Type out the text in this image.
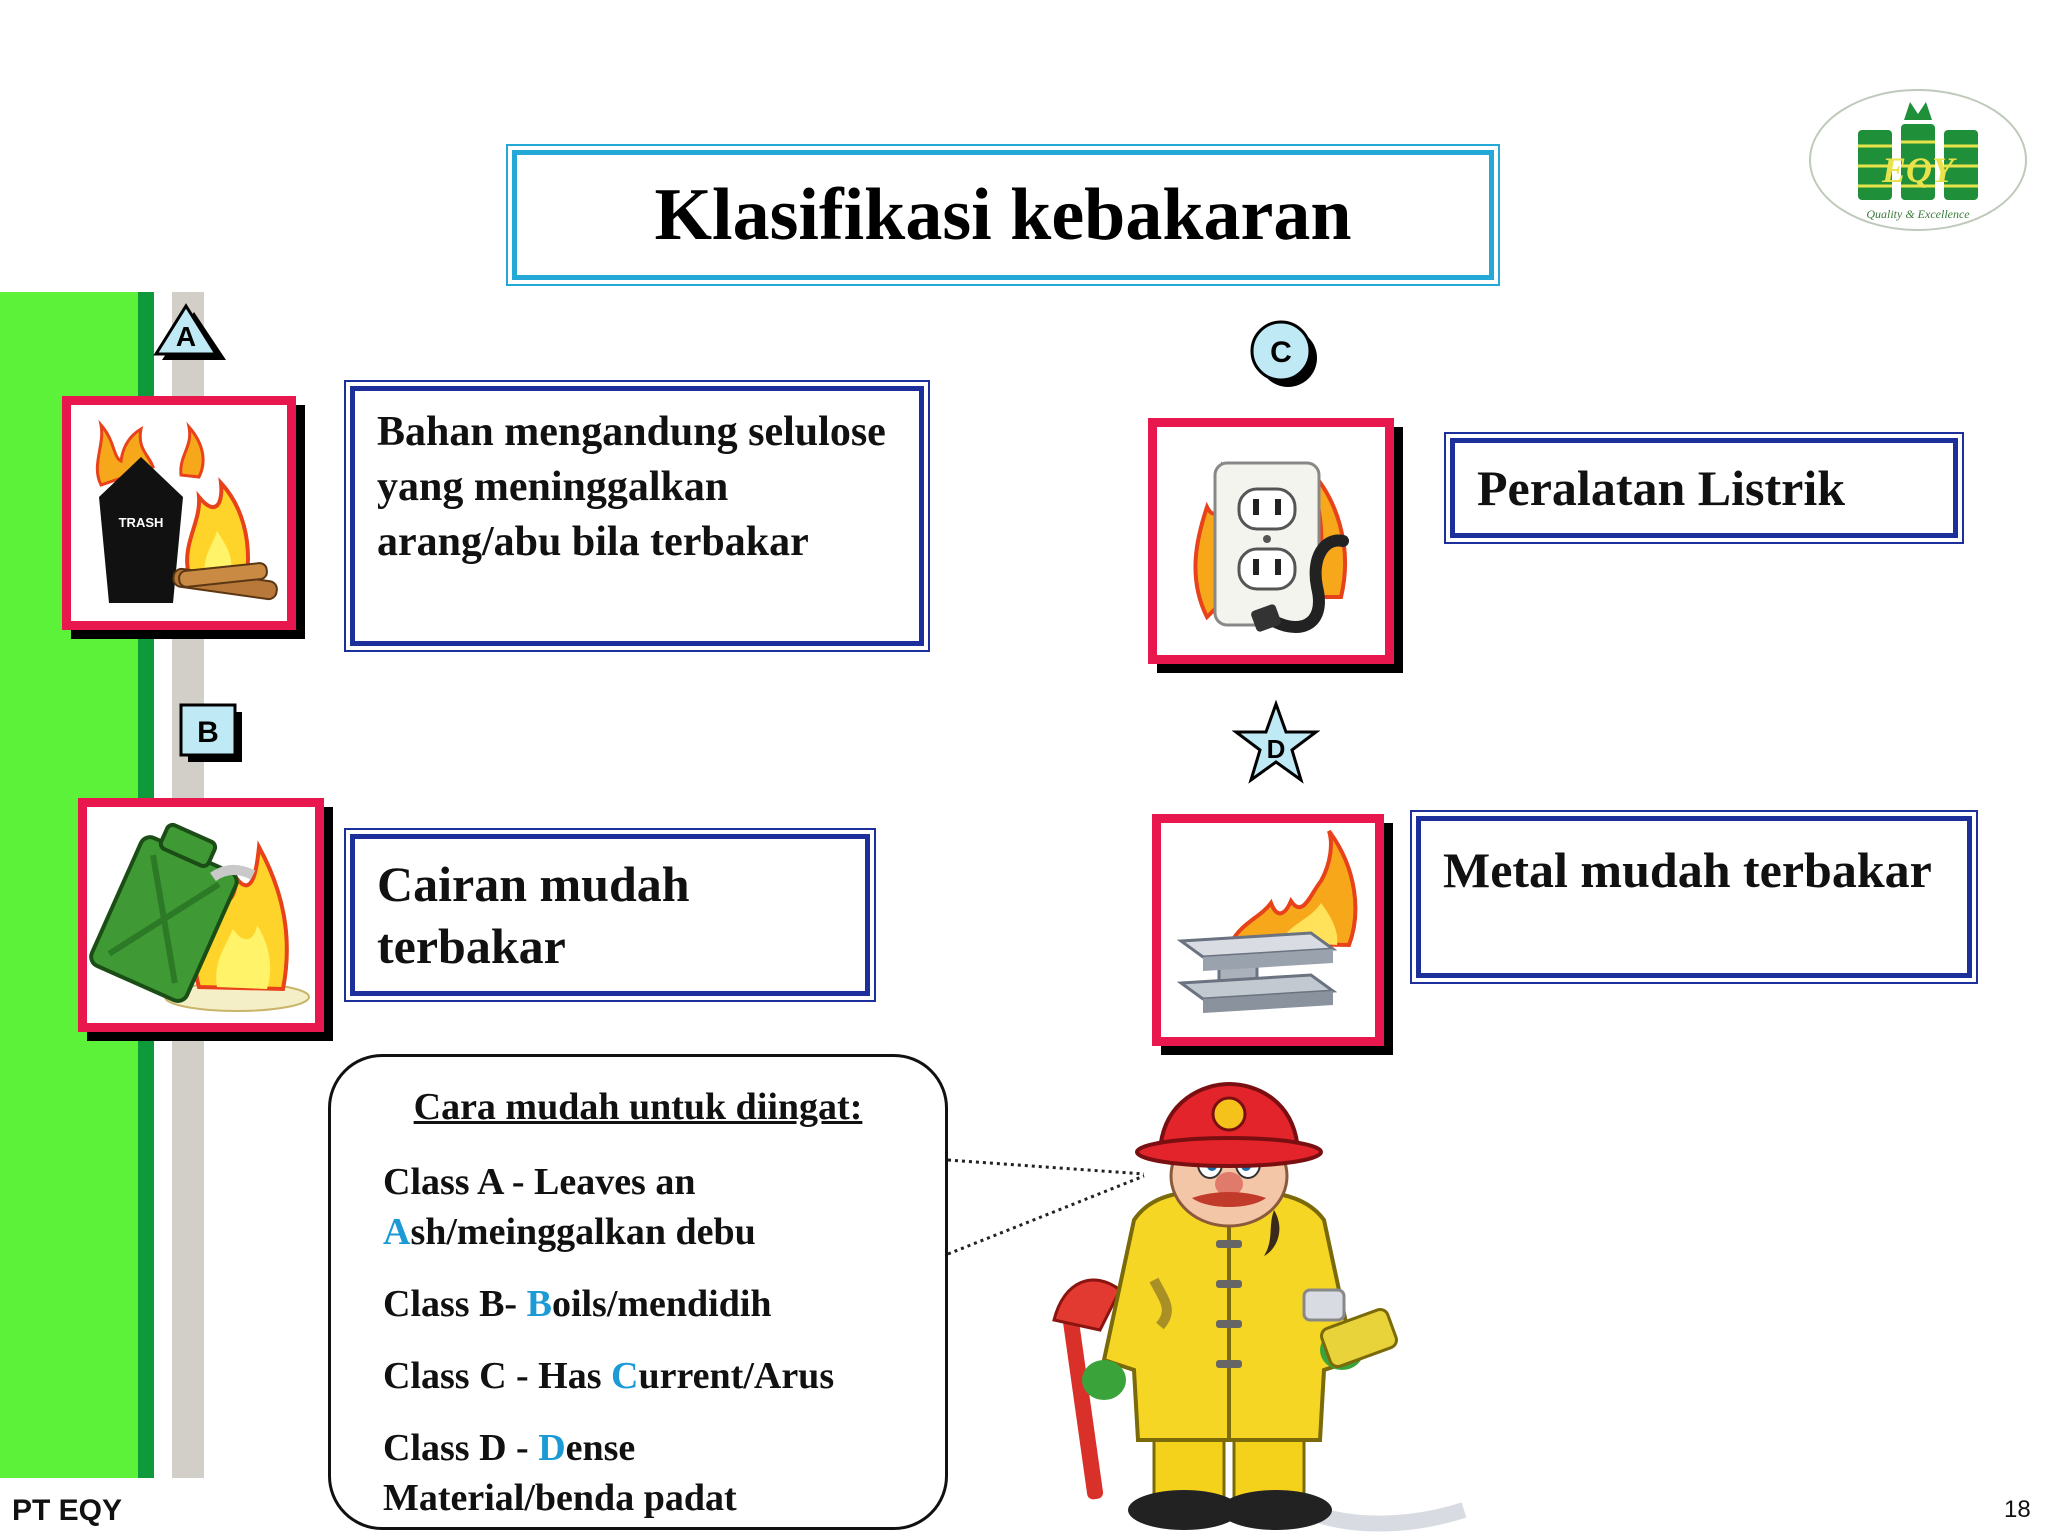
Klasifikasi kebakaran
EQY
Quality & Excellence
A
B
C
D
TRASH
Bahan mengandung selulose yang meninggalkan arang/abu bila terbakar
Cairan mudah terbakar
Peralatan Listrik
Metal mudah terbakar
Cara mudah untuk diingat:
Class A - Leaves an
Ash/meinggalkan debu
Class B- Boils/mendidih
Class C - Has Current/Arus
Class D - Dense
Material/benda padat
PT EQY	18
